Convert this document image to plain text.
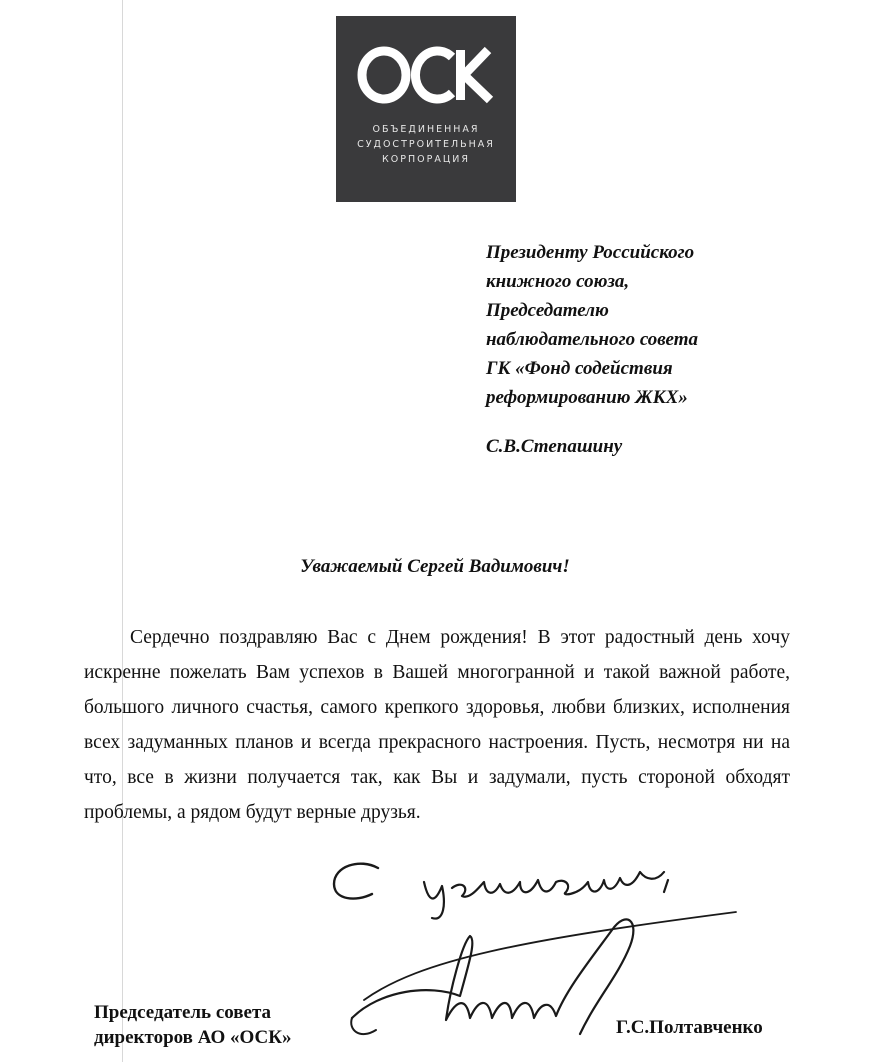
ОБЪЕДИНЕННАЯ
СУДОСТРОИТЕЛЬНАЯ
КОРПОРАЦИЯ
Президенту Российского
книжного союза,
Председателю
наблюдательного совета
ГК «Фонд содействия
реформированию ЖКХ»
С.В.Степашину
Уважаемый Сергей Вадимович!
Сердечно поздравляю Вас с Днем рождения! В этот радостный день хочу искренне пожелать Вам успехов в Вашей многогранной и такой важной работе, большого личного счастья, самого крепкого здоровья, любви близких, исполнения всех задуманных планов и всегда прекрасного настроения. Пусть, несмотря ни на что, все в жизни получается так, как Вы и задумали, пусть стороной обходят проблемы, а рядом будут верные друзья.
Председатель совета
директоров АО «ОСК»	Г.С.Полтавченко
